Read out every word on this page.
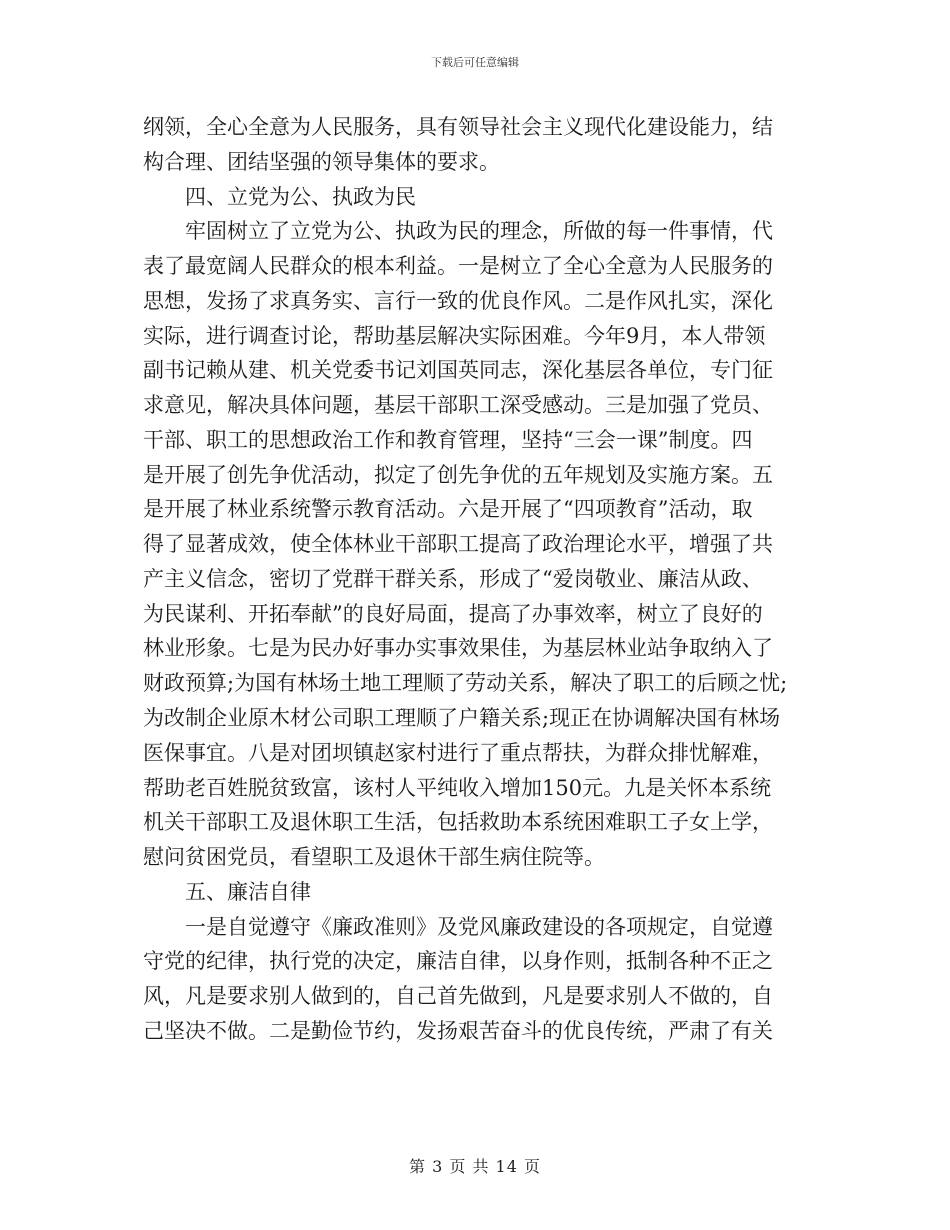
下载后可任意编辑
纲领，全心全意为人民服务，具有领导社会主义现代化建设能力，结
构合理、团结坚强的领导集体的要求。
四、立党为公、执政为民
牢固树立了立党为公、执政为民的理念，所做的每一件事情，代
表了最宽阔人民群众的根本利益。一是树立了全心全意为人民服务的
思想，发扬了求真务实、言行一致的优良作风。二是作风扎实，深化
实际，进行调查讨论，帮助基层解决实际困难。今年9月，本人带领
副书记赖从建、机关党委书记刘国英同志，深化基层各单位，专门征
求意见，解决具体问题，基层干部职工深受感动。三是加强了党员、
干部、职工的思想政治工作和教育管理，坚持“三会一课”制度。四
是开展了创先争优活动，拟定了创先争优的五年规划及实施方案。五
是开展了林业系统警示教育活动。六是开展了“四项教育”活动，取
得了显著成效，使全体林业干部职工提高了政治理论水平，增强了共
产主义信念，密切了党群干群关系，形成了“爱岗敬业、廉洁从政、
为民谋利、开拓奉献”的良好局面，提高了办事效率，树立了良好的
林业形象。七是为民办好事办实事效果佳，为基层林业站争取纳入了
财政预算;为国有林场土地工理顺了劳动关系，解决了职工的后顾之忧;
为改制企业原木材公司职工理顺了户籍关系;现正在协调解决国有林场
医保事宜。八是对团坝镇赵家村进行了重点帮扶，为群众排忧解难，
帮助老百姓脱贫致富，该村人平纯收入增加150元。九是关怀本系统
机关干部职工及退休职工生活，包括救助本系统困难职工子女上学，
慰问贫困党员，看望职工及退休干部生病住院等。
五、廉洁自律
一是自觉遵守《廉政准则》及党风廉政建设的各项规定，自觉遵
守党的纪律，执行党的决定，廉洁自律，以身作则，抵制各种不正之
风，凡是要求别人做到的，自己首先做到，凡是要求别人不做的，自
己坚决不做。二是勤俭节约，发扬艰苦奋斗的优良传统，严肃了有关
第 3 页 共 14 页
